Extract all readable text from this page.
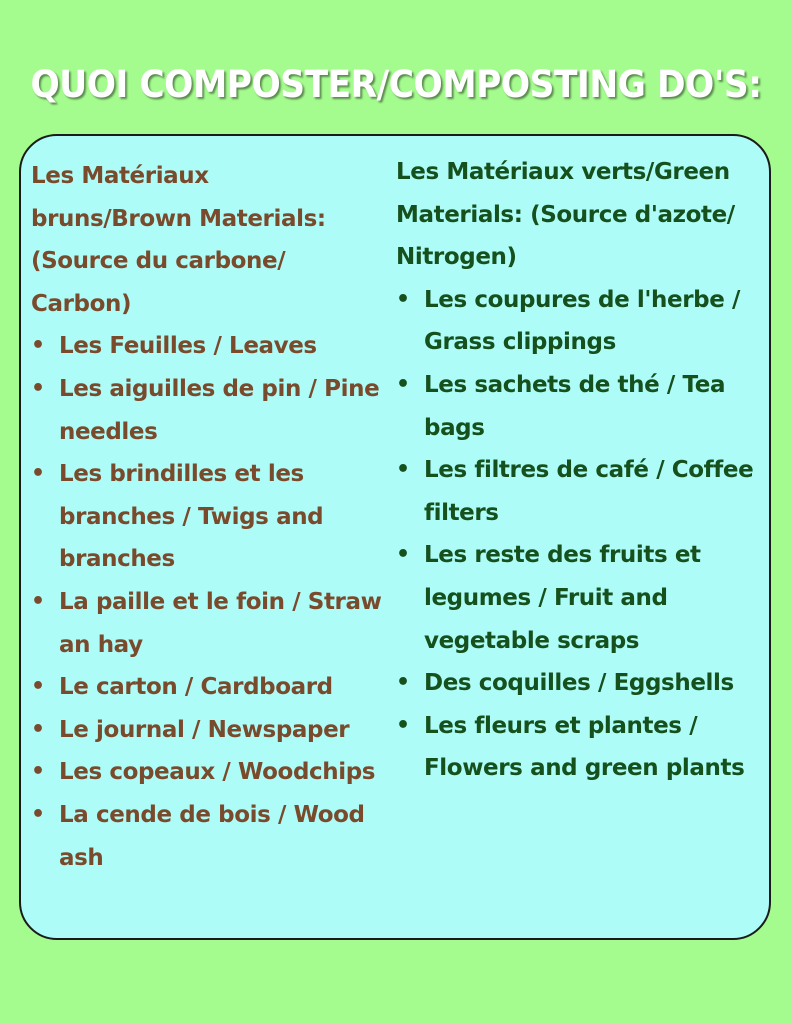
QUOI COMPOSTER/COMPOSTING DO'S:

Les Matériaux bruns/Brown Materials: (Source du carbone/ Carbon)

• Les Feuilles / Leaves
• Les aiguilles de pin / Pine needles
• Les brindilles et les branches / Twigs and branches
• La paille et le foin / Straw an hay
• Le carton / Cardboard
• Le journal / Newspaper
• Les copeaux / Woodchips
• La cende de bois / Wood ash

Les Matériaux verts/Green Materials: (Source d'azote/ Nitrogen)

• Les coupures de l'herbe / Grass clippings
• Les sachets de thé / Tea bags
• Les filtres de café / Coffee filters
• Les reste des fruits et legumes / Fruit and vegetable scraps
• Des coquilles / Eggshells
• Les fleurs et plantes / Flowers and green plants
